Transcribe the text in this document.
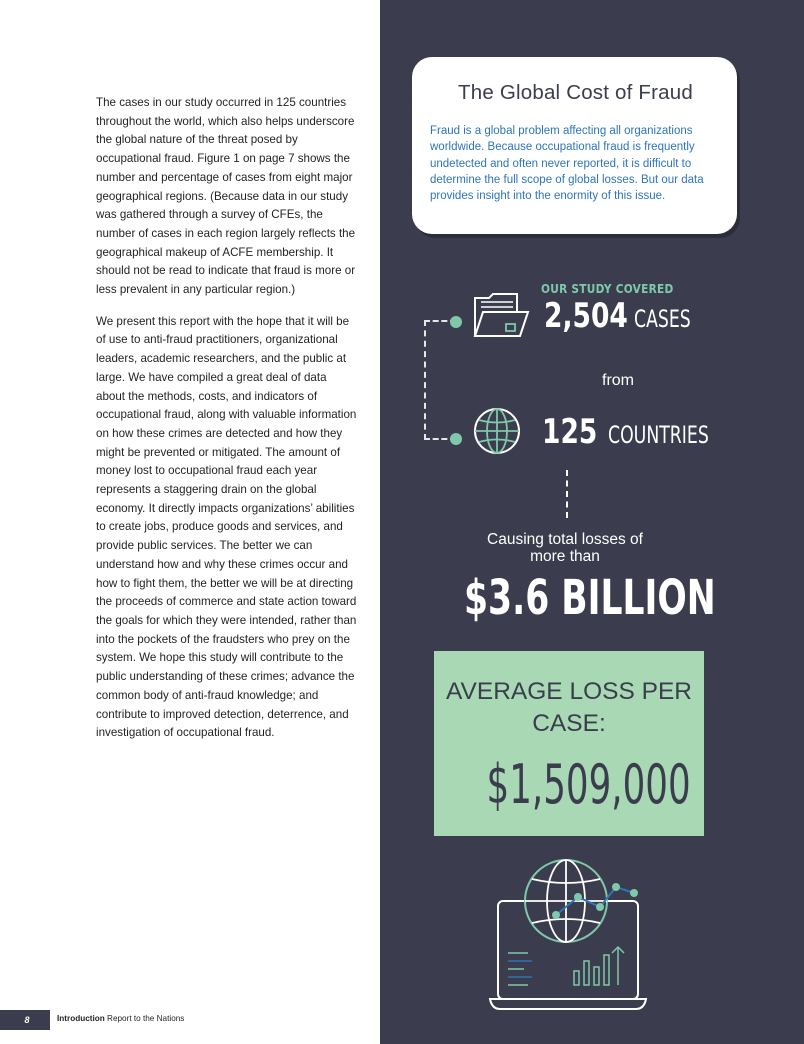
The cases in our study occurred in 125 countries throughout the world, which also helps underscore the global nature of the threat posed by occupational fraud. Figure 1 on page 7 shows the number and percentage of cases from eight major geographical regions. (Because data in our study was gathered through a survey of CFEs, the number of cases in each region largely reflects the geographical makeup of ACFE membership. It should not be read to indicate that fraud is more or less prevalent in any particular region.)

We present this report with the hope that it will be of use to anti-fraud practitioners, organizational leaders, academic researchers, and the public at large. We have compiled a great deal of data about the methods, costs, and indicators of occupational fraud, along with valuable information on how these crimes are detected and how they might be prevented or mitigated. The amount of money lost to occupational fraud each year represents a staggering drain on the global economy. It directly impacts organizations’ abilities to create jobs, produce goods and services, and provide public services. The better we can understand how and why these crimes occur and how to fight them, the better we will be at directing the proceeds of commerce and state action toward the goals for which they were intended, rather than into the pockets of the fraudsters who prey on the system. We hope this study will contribute to the public understanding of these crimes; advance the common body of anti-fraud knowledge; and contribute to improved detection, deterrence, and investigation of occupational fraud.

8	Introduction Report to the Nations
The Global Cost of Fraud
Fraud is a global problem affecting all organizations worldwide. Because occupational fraud is frequently undetected and often never reported, it is difficult to determine the full scope of global losses. But our data provides insight into the enormity of this issue.
OUR STUDY COVERED
2,504 CASES
from
125 COUNTRIES
Causing total losses of more than
$3.6 BILLION
AVERAGE LOSS PER CASE:
$1,509,000
